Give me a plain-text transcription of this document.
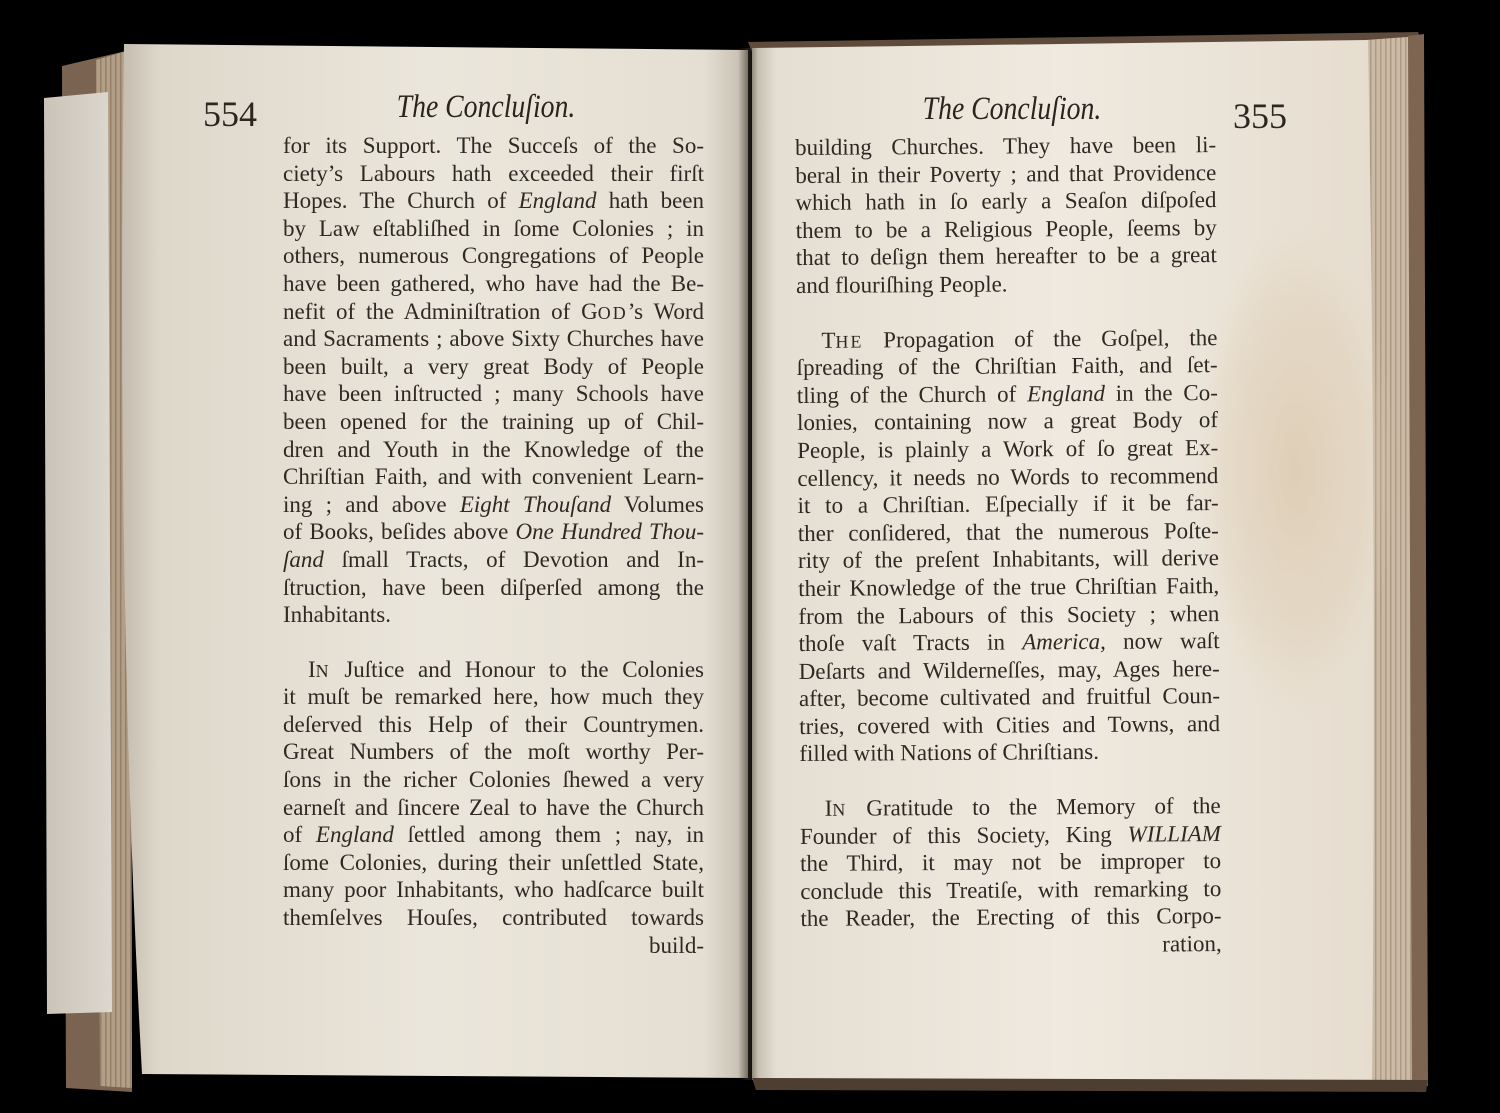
554	The Concluſion.
for its Support. The Succeſs of the So-
ciety’s Labours hath exceeded their firſt
Hopes. The Church of England hath been
by Law eſtabliſhed in ſome Colonies ; in
others, numerous Congregations of People
have been gathered, who have had the Be-
nefit of the Adminiſtration of GOD’s Word
and Sacraments ; above Sixty Churches have
been built, a very great Body of People
have been inſtructed ; many Schools have
been opened for the training up of Chil-
dren and Youth in the Knowledge of the
Chriſtian Faith, and with convenient Learn-
ing ; and above Eight Thouſand Volumes
of Books, beſides above One Hundred Thou-
ſand ſmall Tracts, of Devotion and In-
ſtruction, have been diſperſed among the
Inhabitants.
IN Juſtice and Honour to the Colonies
it muſt be remarked here, how much they
deſerved this Help of their Countrymen.
Great Numbers of the moſt worthy Per-
ſons in the richer Colonies ſhewed a very
earneſt and ſincere Zeal to have the Church
of England ſettled among them ; nay, in
ſome Colonies, during their unſettled State,
many poor Inhabitants, who hadſcarce built
themſelves Houſes, contributed towards
build-
The Concluſion.	355
building Churches. They have been li-
beral in their Poverty ; and that Providence
which hath in ſo early a Seaſon diſpoſed
them to be a Religious People, ſeems by
that to deſign them hereafter to be a great
and flouriſhing People.
THE Propagation of the Goſpel, the
ſpreading of the Chriſtian Faith, and ſet-
tling of the Church of England in the Co-
lonies, containing now a great Body of
People, is plainly a Work of ſo great Ex-
cellency, it needs no Words to recommend
it to a Chriſtian. Eſpecially if it be far-
ther conſidered, that the numerous Poſte-
rity of the preſent Inhabitants, will derive
their Knowledge of the true Chriſtian Faith,
from the Labours of this Society ; when
thoſe vaſt Tracts in America, now waſt
Deſarts and Wilderneſſes, may, Ages here-
after, become cultivated and fruitful Coun-
tries, covered with Cities and Towns, and
filled with Nations of Chriſtians.
IN Gratitude to the Memory of the
Founder of this Society, King WILLIAM
the Third, it may not be improper to
conclude this Treatiſe, with remarking to
the Reader, the Erecting of this Corpo-
ration,
